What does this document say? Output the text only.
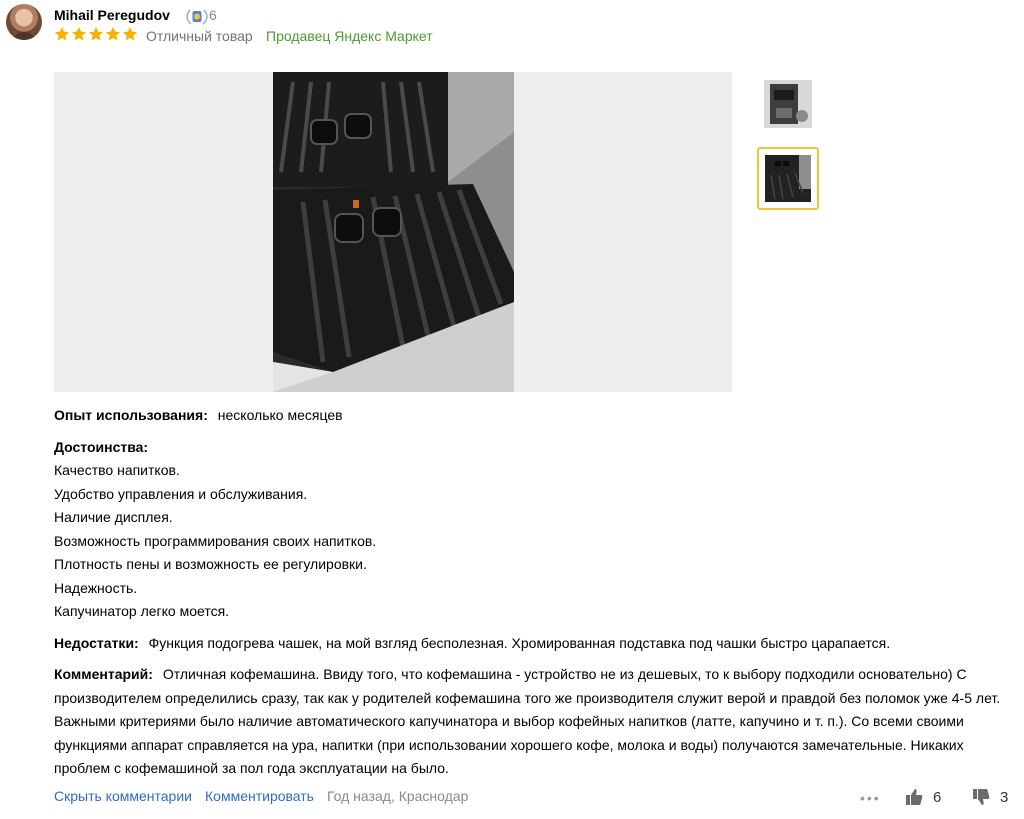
Mihail Peregudov	6
Отличный товар Продавец Яндекс Маркет
Опыт использования: несколько месяцев
Достоинства:
Качество напитков.
Удобство управления и обслуживания.
Наличие дисплея.
Возможность программирования своих напитков.
Плотность пены и возможность ее регулировки.
Надежность.
Капучинатор легко моется.
Недостатки: Функция подогрева чашек, на мой взгляд бесполезная. Хромированная подставка под чашки быстро царапается.
Комментарий: Отличная кофемашина. Ввиду того, что кофемашина - устройство не из дешевых, то к выбору подходили основательно) С производителем определились сразу, так как у родителей кофемашина того же производителя служит верой и правдой без поломок уже 4-5 лет. Важными критериями было наличие автоматического капучинатора и выбор кофейных напитков (латте, капучино и т. п.). Со всеми своими функциями аппарат справляется на ура, напитки (при использовании хорошего кофе, молока и воды) получаются замечательные. Никаких проблем с кофемашиной за пол года эксплуатации на было.
Скрыть комментарии Комментировать Год назад, Краснодар	•••	6	3
